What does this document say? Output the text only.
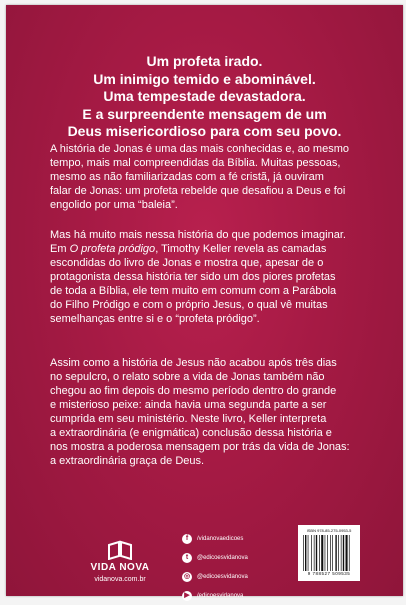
Um profeta irado.
Um inimigo temido e abominável.
Uma tempestade devastadora.
E a surpreendente mensagem de um
Deus misericordioso para com seu povo.
A história de Jonas é uma das mais conhecidas e, ao mesmo
tempo, mais mal compreendidas da Bíblia. Muitas pessoas,
mesmo as não familiarizadas com a fé cristã, já ouviram
falar de Jonas: um profeta rebelde que desafiou a Deus e foi
engolido por uma “baleia”.
Mas há muito mais nessa história do que podemos imaginar.
Em O profeta pródigo, Timothy Keller revela as camadas
escondidas do livro de Jonas e mostra que, apesar de o
protagonista dessa história ter sido um dos piores profetas
de toda a Bíblia, ele tem muito em comum com a Parábola
do Filho Pródigo e com o próprio Jesus, o qual vê muitas
semelhanças entre si e o “profeta pródigo”.
Assim como a história de Jesus não acabou após três dias
no sepulcro, o relato sobre a vida de Jonas também não
chegou ao fim depois do mesmo período dentro do grande
e misterioso peixe: ainda havia uma segunda parte a ser
cumprida em seu ministério. Neste livro, Keller interpreta
a extraordinária (e enigmática) conclusão dessa história e
nos mostra a poderosa mensagem por trás da vida de Jonas:
a extraordinária graça de Deus.
VIDA NOVA
vidanova.com.br
f	/vidanovaedicoes
t	@edicoesvidanova
◎	@edicoesvidanova
▶	/edicoesvidanova
ISBN 978-85-275-0953-5
9 788527 509535
